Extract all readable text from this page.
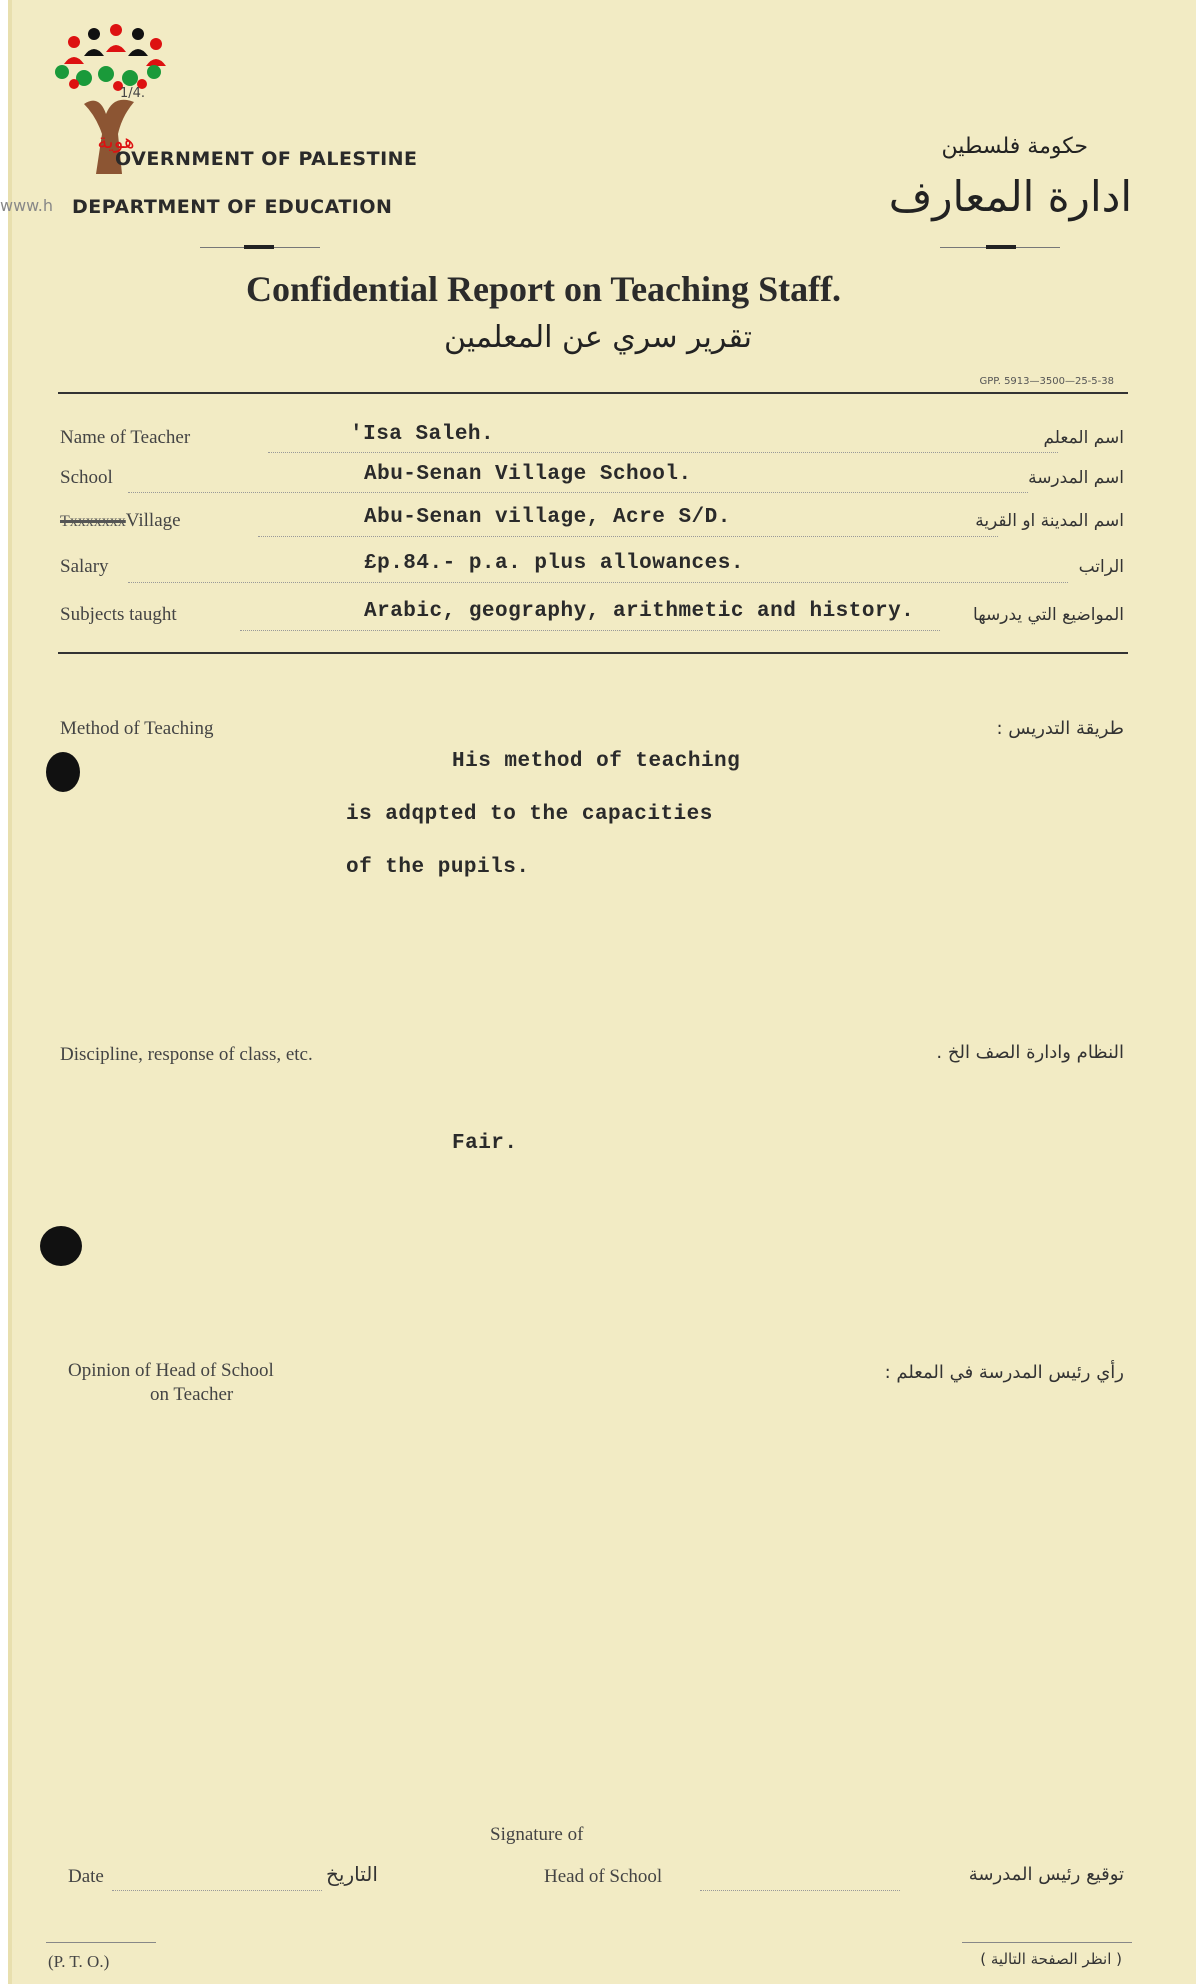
هوية
1/4.
OVERNMENT OF PALESTINE
www.h DEPARTMENT OF EDUCATION
حكومة فلسطين
ادارة المعارف
Confidential Report on Teaching Staff.
تقرير سري عن المعلمين
GPP. 5913—3500—25-5-38
Name of Teacher	'Isa Saleh.	اسم المعلم
School	Abu-Senan Village School.	اسم المدرسة
TxxxxxxxVillage	Abu-Senan village, Acre S/D.	اسم المدينة او القرية
Salary	£p.84.- p.a. plus allowances.	الراتب
Subjects taught	Arabic, geography, arithmetic and history.	المواضيع التي يدرسها
Method of Teaching	طريقة التدريس :
His method of teaching
is adqpted to the capacities
of the pupils.
Discipline, response of class, etc.	النظام وادارة الصف الخ .
Fair.
Opinion of Head of School
on Teacher
رأي رئيس المدرسة في المعلم :
Date	التاريخ
Signature of
Head of School	توقيع رئيس المدرسة
(P. T. O.)	( انظر الصفحة التالية )
